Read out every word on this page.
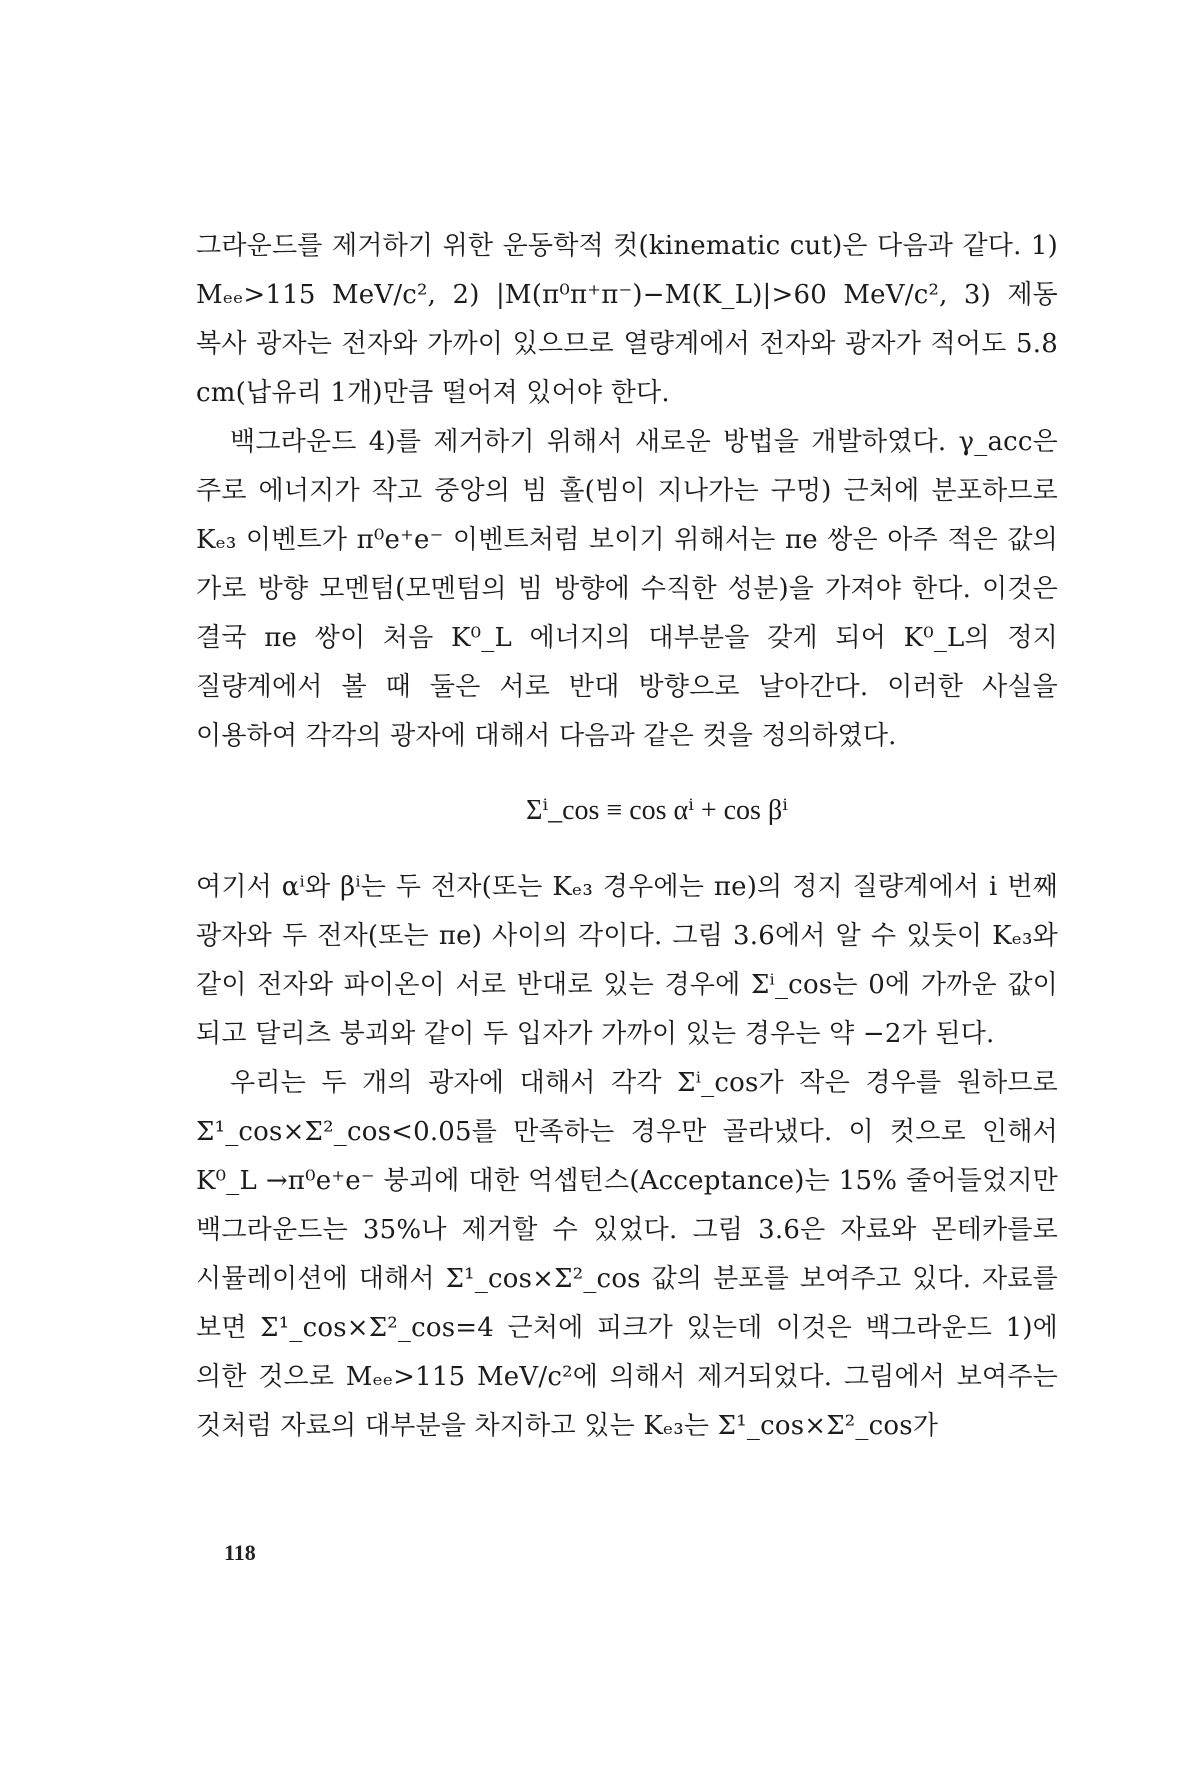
그라운드를 제거하기 위한 운동학적 컷(kinematic cut)은 다음과 같다. 1) Mₑₑ>115 MeV/c², 2) |M(π⁰π⁺π⁻)−M(K_L)|>60 MeV/c², 3) 제동 복사 광자는 전자와 가까이 있으므로 열량계에서 전자와 광자가 적어도 5.8 cm(납유리 1개)만큼 떨어져 있어야 한다.

백그라운드 4)를 제거하기 위해서 새로운 방법을 개발하였다. γ_acc은 주로 에너지가 작고 중앙의 빔 홀(빔이 지나가는 구멍) 근처에 분포하므로 Kₑ₃ 이벤트가 π⁰e⁺e⁻ 이벤트처럼 보이기 위해서는 πe 쌍은 아주 적은 값의 가로 방향 모멘텀(모멘텀의 빔 방향에 수직한 성분)을 가져야 한다. 이것은 결국 πe 쌍이 처음 K⁰_L 에너지의 대부분을 갖게 되어 K⁰_L의 정지 질량계에서 볼 때 둘은 서로 반대 방향으로 날아간다. 이러한 사실을 이용하여 각각의 광자에 대해서 다음과 같은 컷을 정의하였다.

Σⁱ_cos ≡ cos αⁱ + cos βⁱ

여기서 αⁱ와 βⁱ는 두 전자(또는 Kₑ₃ 경우에는 πe)의 정지 질량계에서 i 번째 광자와 두 전자(또는 πe) 사이의 각이다. 그림 3.6에서 알 수 있듯이 Kₑ₃와 같이 전자와 파이온이 서로 반대로 있는 경우에 Σⁱ_cos는 0에 가까운 값이 되고 달리츠 붕괴와 같이 두 입자가 가까이 있는 경우는 약 −2가 된다.

우리는 두 개의 광자에 대해서 각각 Σⁱ_cos가 작은 경우를 원하므로 Σ¹_cos×Σ²_cos<0.05를 만족하는 경우만 골라냈다. 이 컷으로 인해서 K⁰_L →π⁰e⁺e⁻ 붕괴에 대한 억셉턴스(Acceptance)는 15% 줄어들었지만 백그라운드는 35%나 제거할 수 있었다. 그림 3.6은 자료와 몬테카를로 시뮬레이션에 대해서 Σ¹_cos×Σ²_cos 값의 분포를 보여주고 있다. 자료를 보면 Σ¹_cos×Σ²_cos=4 근처에 피크가 있는데 이것은 백그라운드 1)에 의한 것으로 Mₑₑ>115 MeV/c²에 의해서 제거되었다. 그림에서 보여주는 것처럼 자료의 대부분을 차지하고 있는 Kₑ₃는 Σ¹_cos×Σ²_cos가

118
